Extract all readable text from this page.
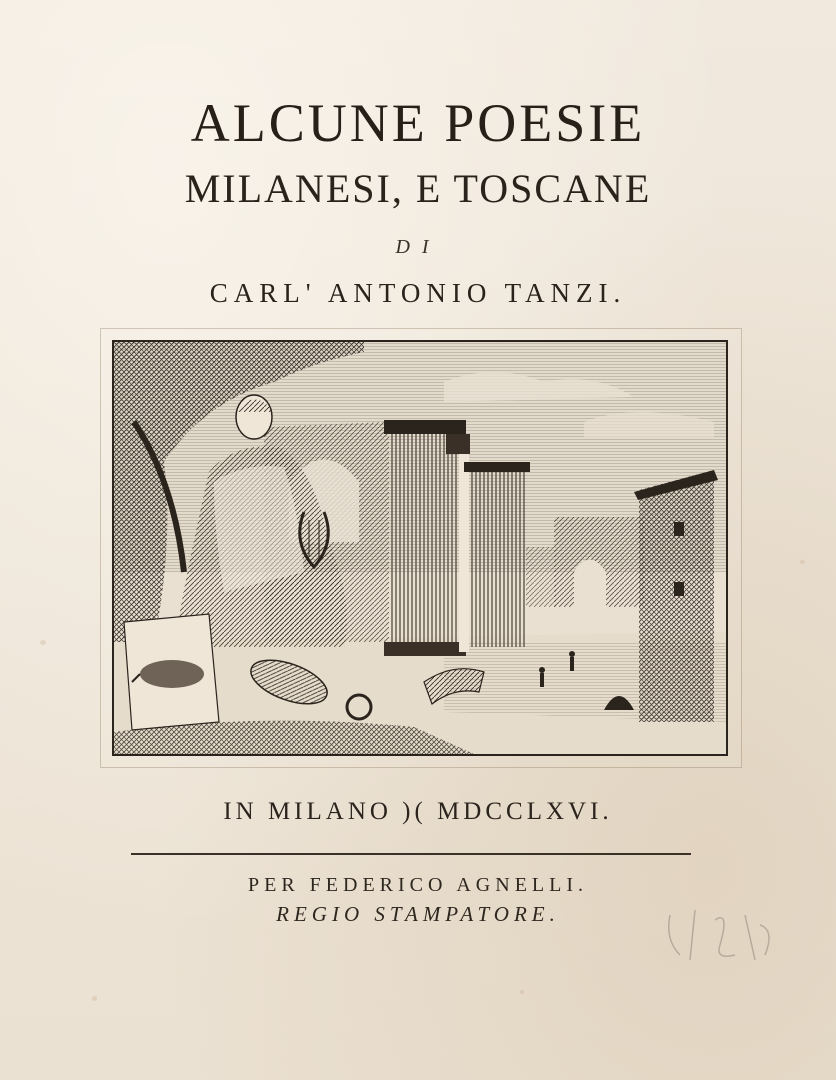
ALCUNE POESIE
MILANESI, E TOSCANE
DI
CARL' ANTONIO TANZI.
IN MILANO )( MDCCLXVI.
PER FEDERICO AGNELLI.
REGIO STAMPATORE.
